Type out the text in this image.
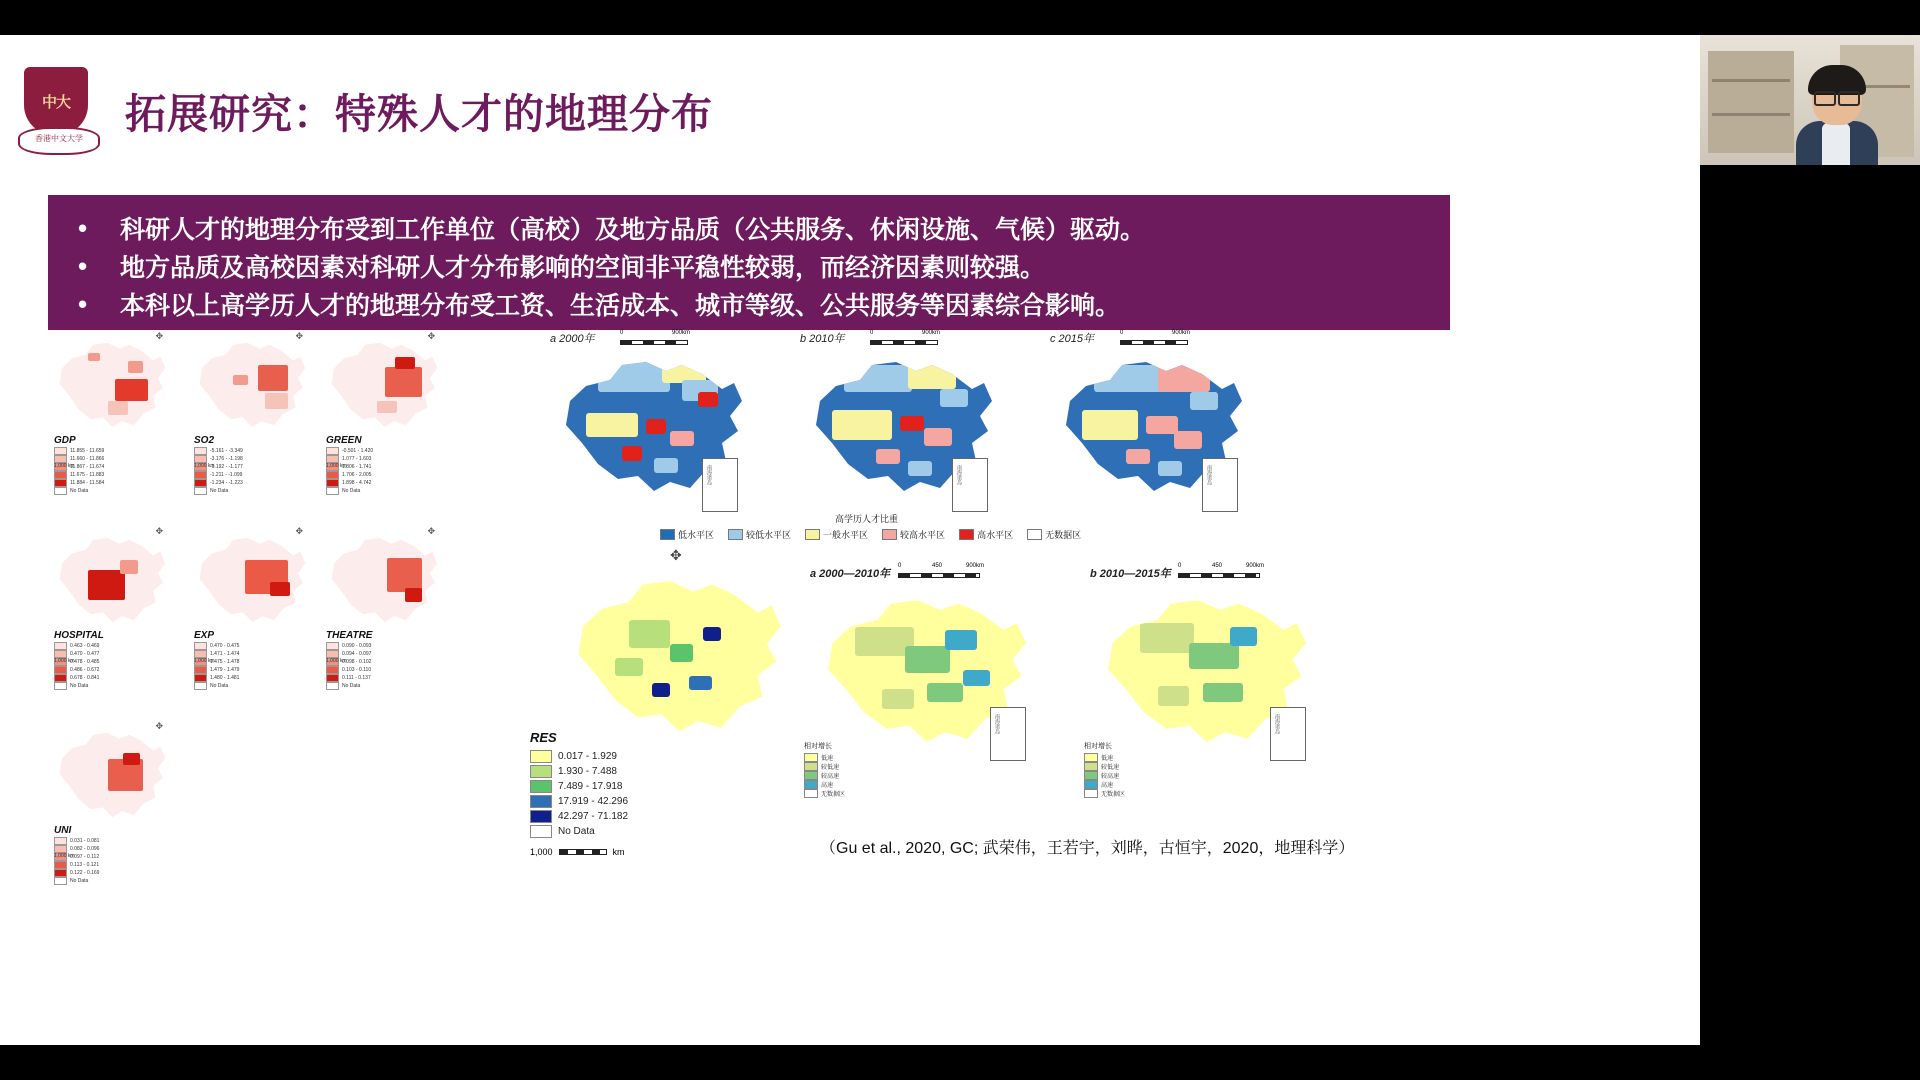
中大
香港中文大学
拓展研究：特殊人才的地理分布
• 科研人才的地理分布受到工作单位（高校）及地方品质（公共服务、休闲设施、气候）驱动。
• 地方品质及高校因素对科研人才分布影响的空间非平稳性较弱，而经济因素则较强。
• 本科以上高学历人才的地理分布受工资、生活成本、城市等级、公共服务等因素综合影响。
✥
GDP
11.855 - 11.659
11.660 - 11.866
11.867 - 11.674
11.675 - 11.883
11.884 - 11.584
No Data
1,000 km
✥
SO2
-5.161 - -3.349
-3.176 - -1.198
-1.192 - -1.177
-1.211 - -1.099
-1.234 - -1.223
No Data
1,000 km
✥
GREEN
-0.501 - 1.420
1.077 - 1.603
1.806 - 1.741
1.706 - 2.005
1.898 - 4.742
No Data
1,000 km
✥
HOSPITAL
0.463 - 0.469
0.470 - 0.477
0.478 - 0.485
0.486 - 0.672
0.678 - 0.841
No Data
1,000 km
✥
EXP
0.470 - 0.475
1.471 - 1.474
1.475 - 1.478
1.479 - 1.479
1.480 - 1.481
No Data
1,000 km
✥
THEATRE
0.090 - 0.093
0.094 - 0.097
0.098 - 0.102
0.103 - 0.110
0.111 - 0.137
No Data
1,000 km
✥
UNI
0.031 - 0.081
0.082 - 0.096
0.097 - 0.112
0.113 - 0.121
0.122 - 0.169
No Data
1,000 km
a 2000年	0	900km
南海诸岛
b 2010年	0	900km
南海诸岛
c 2015年	0	900km
南海诸岛
高学历人才比重
低水平区	较低水平区	一般水平区	较高水平区	高水平区	无数据区
✥
RES
0.017 - 1.929
1.930 - 7.488
7.489 - 17.918
17.919 - 42.296
42.297 - 71.182
No Data
1,000	km
a 2000—2010年
0	450	900km
相对增长
低速
较低速
较高速
高速
无数据区
南海诸岛
b 2010—2015年
0	450	900km
相对增长
低速
较低速
较高速
高速
无数据区
南海诸岛
（Gu et al., 2020, GC; 武荣伟，王若宇，刘晔，古恒宇，2020，地理科学）
